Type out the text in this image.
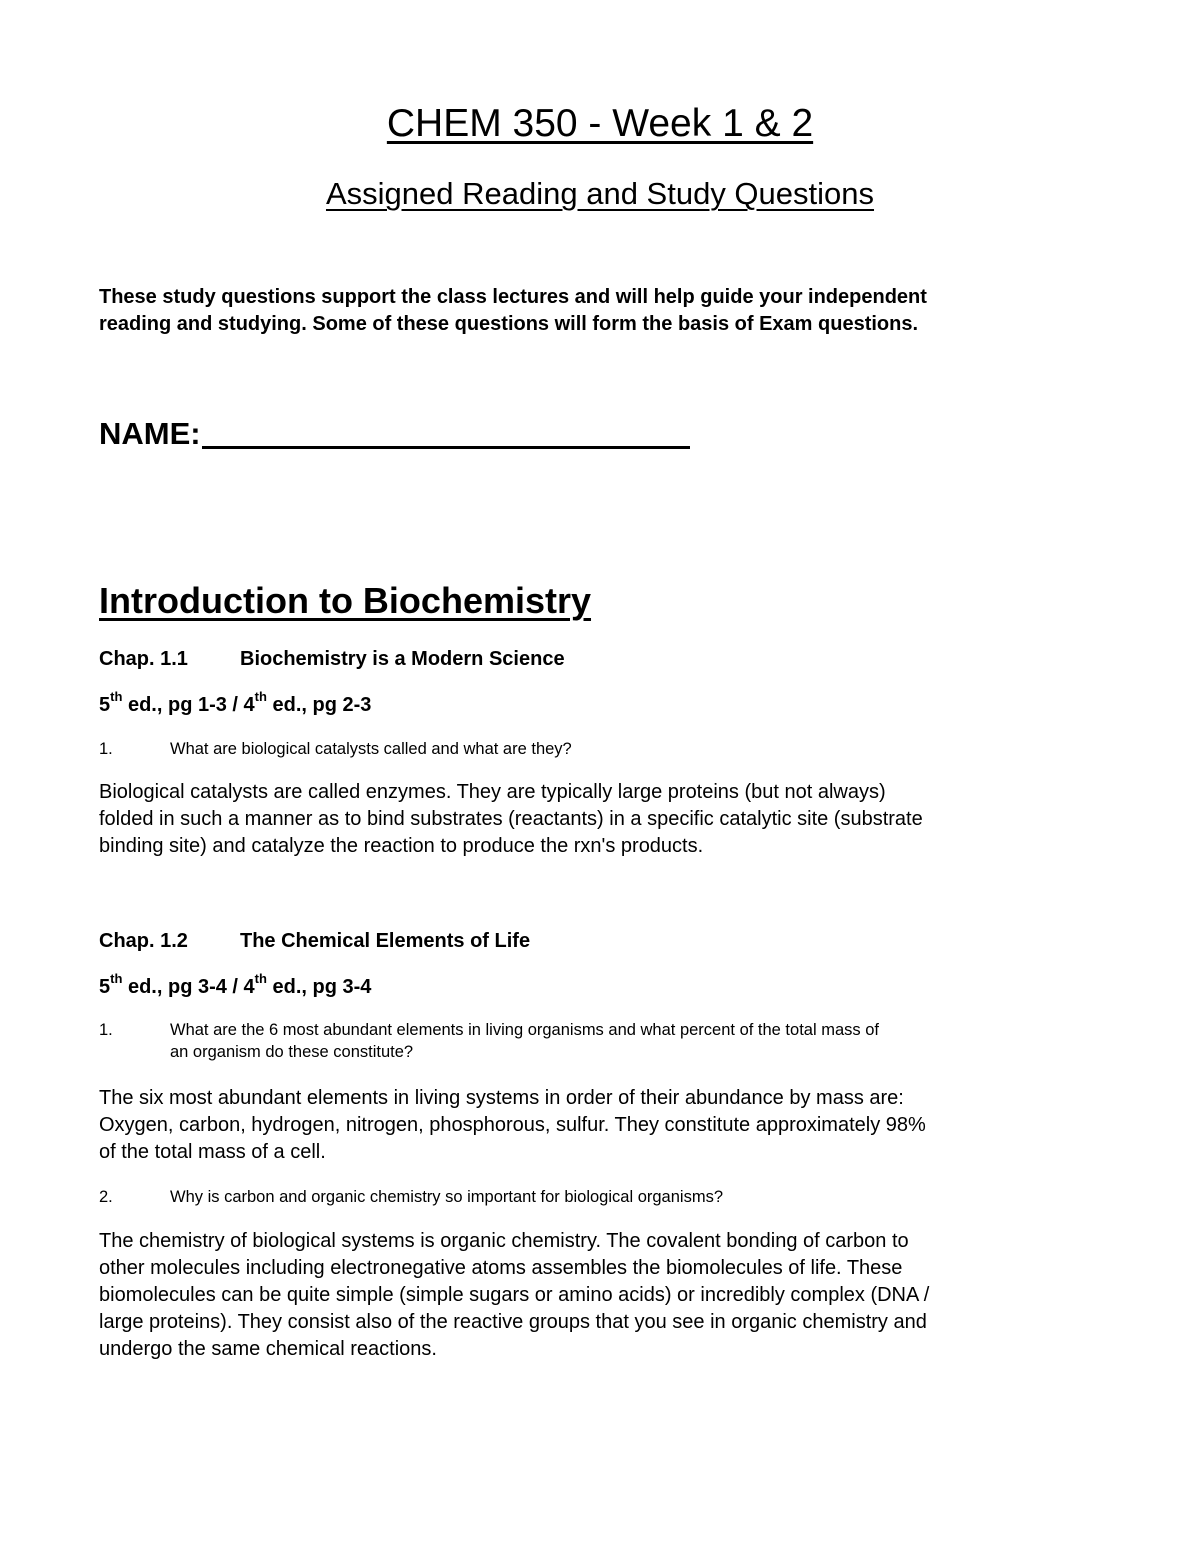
CHEM 350 - Week 1 & 2
Assigned Reading and Study Questions
These study questions support the class lectures and will help guide your independent
reading and studying. Some of these questions will form the basis of Exam questions.
NAME:
Introduction to Biochemistry
Chap. 1.1	Biochemistry is a Modern Science
5th ed., pg 1-3 / 4th ed., pg 2-3
1.	What are biological catalysts called and what are they?
Biological catalysts are called enzymes. They are typically large proteins (but not always)
folded in such a manner as to bind substrates (reactants) in a specific catalytic site (substrate
binding site) and catalyze the reaction to produce the rxn's products.
Chap. 1.2	The Chemical Elements of Life
5th ed., pg 3-4 / 4th ed., pg 3-4
1.	What are the 6 most abundant elements in living organisms and what percent of the total mass of
an organism do these constitute?
The six most abundant elements in living systems in order of their abundance by mass are:
Oxygen, carbon, hydrogen, nitrogen, phosphorous, sulfur. They constitute approximately 98%
of the total mass of a cell.
2.	Why is carbon and organic chemistry so important for biological organisms?
The chemistry of biological systems is organic chemistry. The covalent bonding of carbon to
other molecules including electronegative atoms assembles the biomolecules of life. These
biomolecules can be quite simple (simple sugars or amino acids) or incredibly complex (DNA /
large proteins). They consist also of the reactive groups that you see in organic chemistry and
undergo the same chemical reactions.
